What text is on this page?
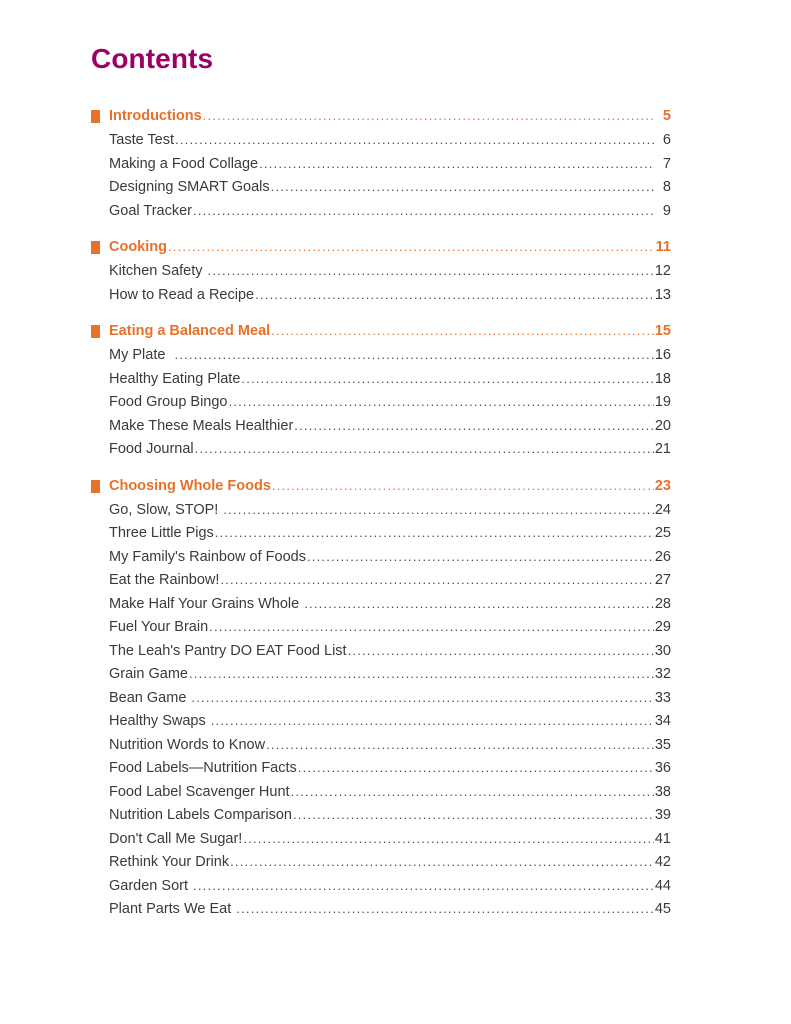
Contents
Introductions .....	5
Taste Test .....	6
Making a Food Collage .....	7
Designing SMART Goals .....	8
Goal Tracker .....	9
Cooking .....	11
Kitchen Safety .....	12
How to Read a Recipe .....	13
Eating a Balanced Meal .....	15
My Plate .....	16
Healthy Eating Plate .....	18
Food Group Bingo .....	19
Make These Meals Healthier .....	20
Food Journal .....	21
Choosing Whole Foods .....	23
Go, Slow, STOP! .....	24
Three Little Pigs .....	25
My Family's Rainbow of Foods .....	26
Eat the Rainbow! .....	27
Make Half Your Grains Whole .....	28
Fuel Your Brain .....	29
The Leah's Pantry DO EAT Food List .....	30
Grain Game .....	32
Bean Game .....	33
Healthy Swaps .....	34
Nutrition Words to Know .....	35
Food Labels—Nutrition Facts .....	36
Food Label Scavenger Hunt .....	38
Nutrition Labels Comparison .....	39
Don't Call Me Sugar! .....	41
Rethink Your Drink .....	42
Garden Sort .....	44
Plant Parts We Eat .....	45
